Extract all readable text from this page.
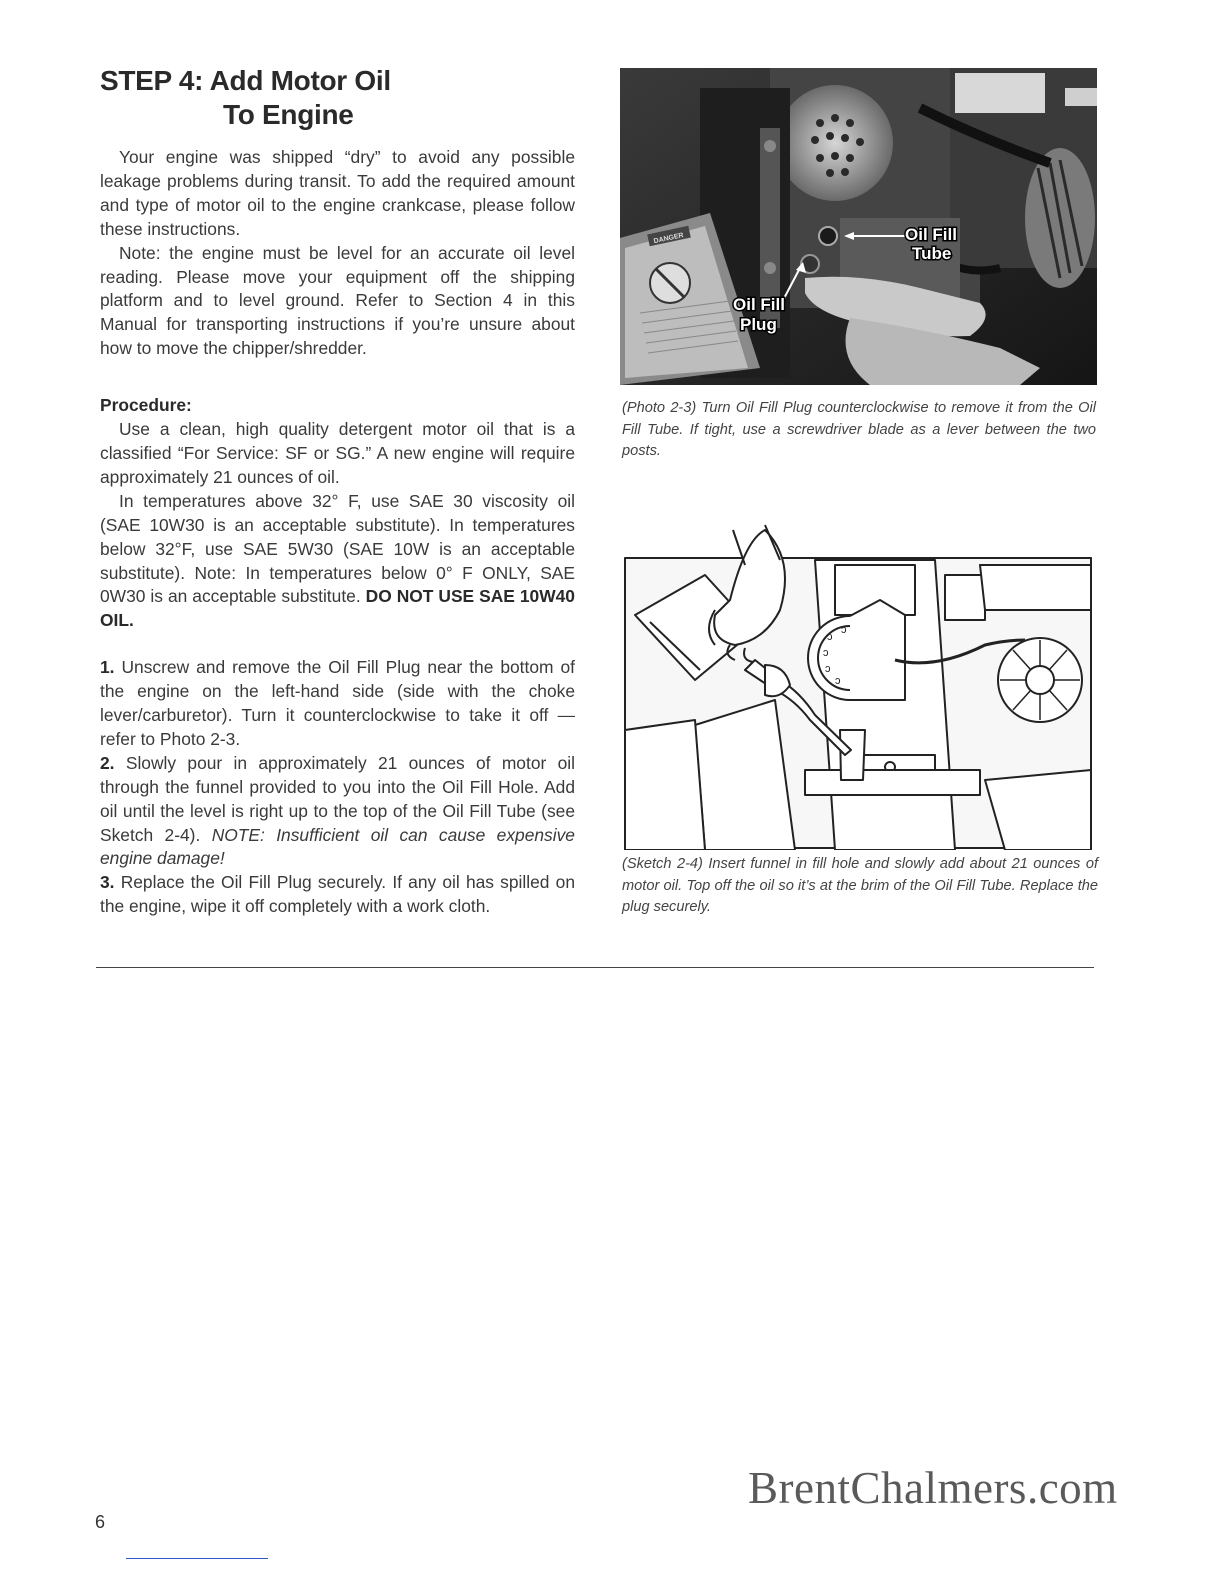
STEP 4: Add Motor Oil
To Engine

Your engine was shipped “dry” to avoid any possible leakage problems during transit. To add the required amount and type of motor oil to the engine crankcase, please follow these instructions.

Note: the engine must be level for an accurate oil level reading. Please move your equipment off the shipping platform and to level ground. Refer to Section 4 in this Manual for transporting instructions if you’re unsure about how to move the chipper/shredder.

Procedure:

Use a clean, high quality detergent motor oil that is a classified “For Service: SF or SG.” A new engine will require approximately 21 ounces of oil.

In temperatures above 32° F, use SAE 30 viscosity oil (SAE 10W30 is an acceptable substitute). In temperatures below 32°F, use SAE 5W30 (SAE 10W is an acceptable substitute). Note: In temperatures below 0° F ONLY, SAE 0W30 is an acceptable substitute. DO NOT USE SAE 10W40 OIL.

1. Unscrew and remove the Oil Fill Plug near the bottom of the engine on the left-hand side (side with the choke lever/carburetor). Turn it counterclockwise to take it off — refer to Photo 2-3.

2. Slowly pour in approximately 21 ounces of motor oil through the funnel provided to you into the Oil Fill Hole. Add oil until the level is right up to the top of the Oil Fill Tube (see Sketch 2-4). NOTE: Insufficient oil can cause expensive engine damage!

3. Replace the Oil Fill Plug securely. If any oil has spilled on the engine, wipe it off completely with a work cloth.

DANGER	Oil Fill
Tube
Oil Fill
Plug

(Photo 2-3) Turn Oil Fill Plug counterclockwise to remove it from the Oil Fill Tube. If tight, use a screwdriver blade as a lever between the two posts.

ↄ
ↄ
ↄ
ↄ
ↄ

(Sketch 2-4) Insert funnel in fill hole and slowly add about 21 ounces of motor oil. Top off the oil so it’s at the brim of the Oil Fill Tube. Replace the plug securely.

BrentChalmers.com
6
